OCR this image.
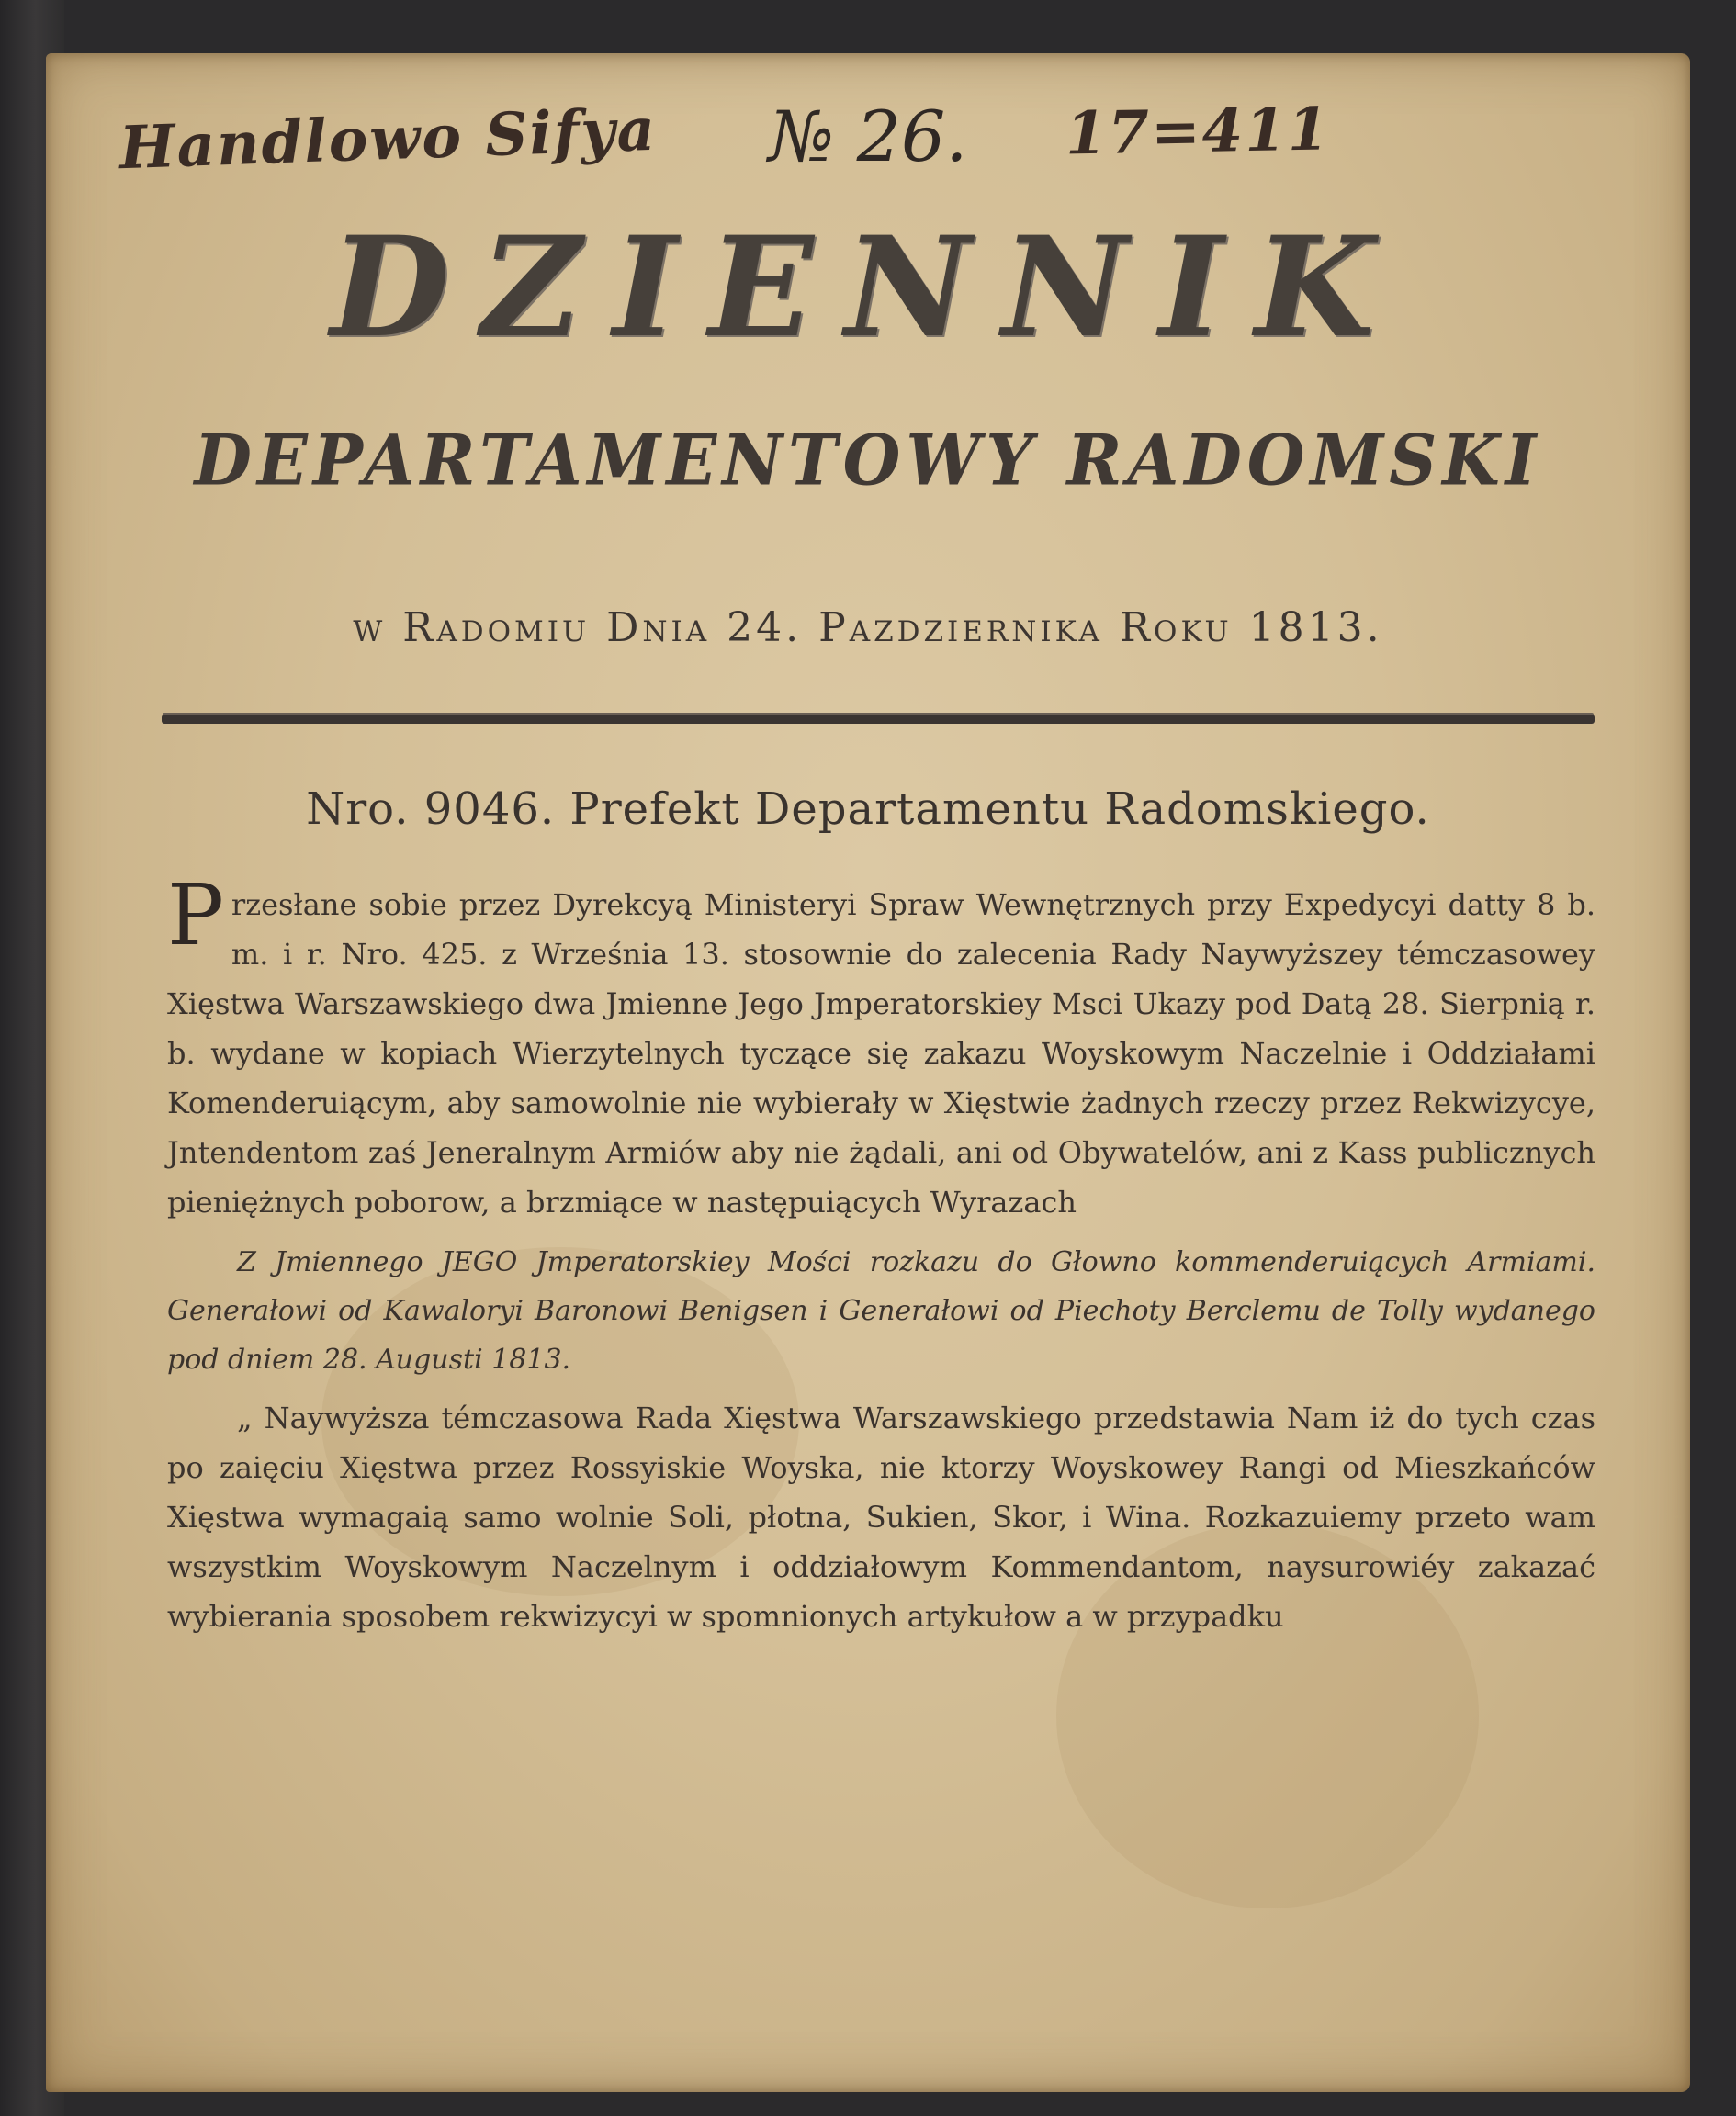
Handlowo Sifya	17=411
№ 26.
DZIENNIK
DEPARTAMENTOWY RADOMSKI
w Radomiu Dnia 24. Pazdziernika Roku 1813.
Nro. 9046. Prefekt Departamentu Radomskiego.

Przesłane sobie przez Dyrekcyą Ministeryi Spraw Wewnętrznych przy Expedycyi datty 8 b. m. i r. Nro. 425. z Września 13. stosownie do zalecenia Rady Naywyższey témczasowey Xięstwa Warszawskiego dwa Jmienne Jego Jmperatorskiey Msci Ukazy pod Datą 28. Sierpnią r. b. wydane w kopiach Wierzytelnych tyczące się zakazu Woyskowym Naczelnie i Oddziałami Komenderuiącym, aby samowolnie nie wybierały w Xięstwie żadnych rzeczy przez Rekwizycye, Jntendentom zaś Jeneralnym Armiów aby nie żądali, ani od Obywatelów, ani z Kass publicznych pieniężnych poborow, a brzmiące w następuiących Wyrazach

Z Jmiennego JEGO Jmperatorskiey Mości rozkazu do Głowno kommenderuiących Armiami. Generałowi od Kawaloryi Baronowi Benigsen i Generałowi od Piechoty Berclemu de Tolly wydanego pod dniem 28. Augusti 1813.

„ Naywyższa témczasowa Rada Xięstwa Warszawskiego przedstawia Nam iż do tych czas po zaięciu Xięstwa przez Rossyiskie Woyska, nie ktorzy Woyskowey Rangi od Mieszkańców Xięstwa wymagaią samo wolnie Soli, płotna, Sukien, Skor, i Wina. Rozkazuiemy przeto wam wszystkim Woyskowym Naczelnym i oddziałowym Kommendantom, naysurowiéy zakazać wybierania sposobem rekwizycyi w spomnionych artykułow a w przypadku
